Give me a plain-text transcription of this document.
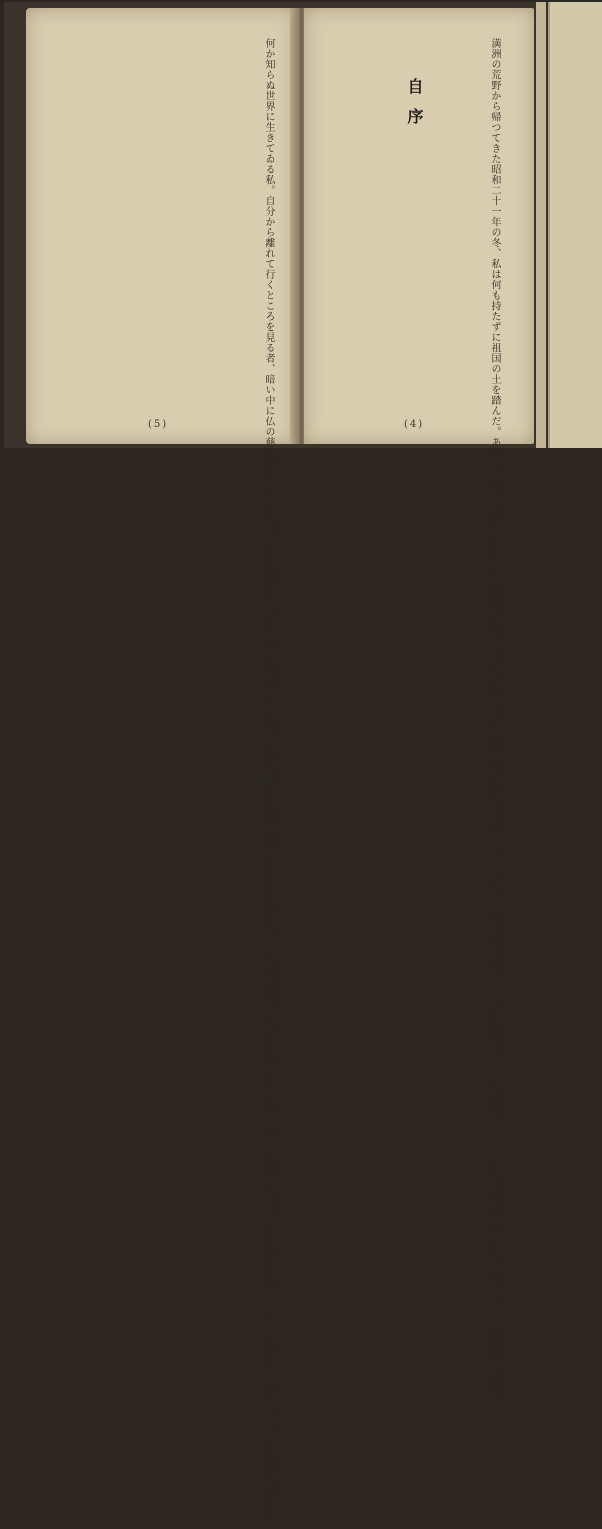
何か知らぬ世界に生きてゐる私。自分から離れて行くところを見る者、暗い中に仏の慈悲を抱いてゐる者。生死の問題と向き合ひ、人間は何のために生きるのかを問ふ。戦争と病と別離の中で、私は書き残しておきたいと思つた。この一冊は、その日々の記録であり、同じ苦しみの中にある人への小さな便りである。
(5)
自序	満洲の荒野から帰つてきた昭和二十一年の冬、私は何も持たずに祖国の土を踏んだ。あの日の寒さを今も忘れない。敗戦の混乱の中で多くの人々と別れ、多くのものを失つた。けれども私は生きて還り、この記録を書くことができた。ここに記すのは、その時々に感じたことの断片である。
(4)
